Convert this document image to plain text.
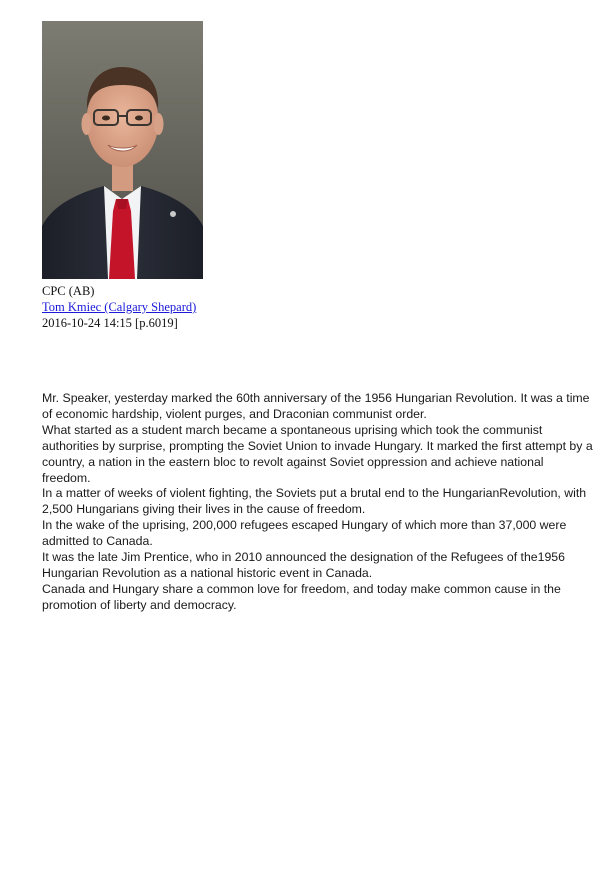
CPC (AB)
Tom Kmiec (Calgary Shepard)
2016-10-24 14:15 [p.6019]

Mr. Speaker, yesterday marked the 60th anniversary of the 1956 Hungarian Revolution. It was a time of economic hardship, violent purges, and Draconian communist order.

What started as a student march became a spontaneous uprising which took the communist authorities by surprise, prompting the Soviet Union to invade Hungary. It marked the first attempt by a country, a nation in the eastern bloc to revolt against Soviet oppression and achieve national freedom.

In a matter of weeks of violent fighting, the Soviets put a brutal end to the HungarianRevolution, with 2,500 Hungarians giving their lives in the cause of freedom.

In the wake of the uprising, 200,000 refugees escaped Hungary of which more than 37,000 were admitted to Canada.

It was the late Jim Prentice, who in 2010 announced the designation of the Refugees of the1956 Hungarian Revolution as a national historic event in Canada.

Canada and Hungary share a common love for freedom, and today make common cause in the promotion of liberty and democracy.
